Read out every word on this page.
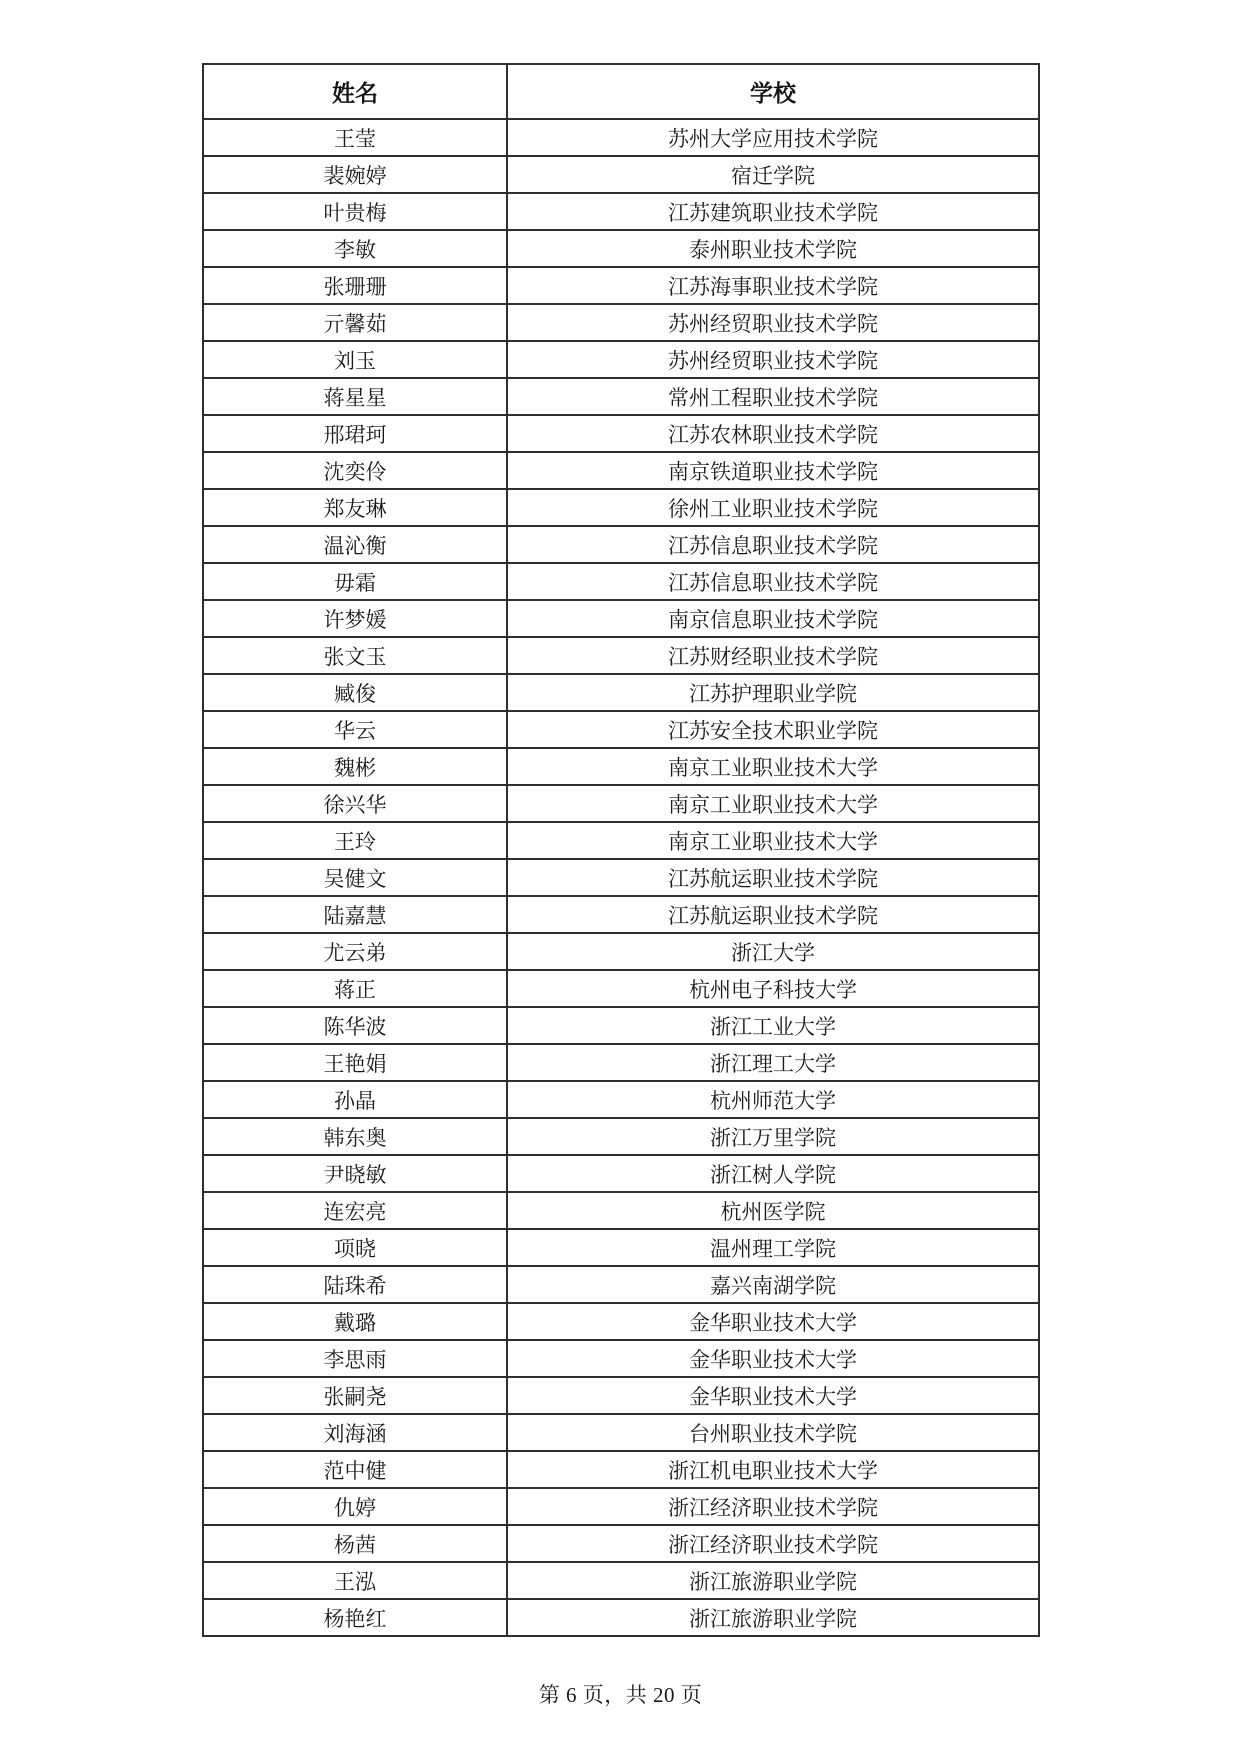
姓名	学校
王莹	苏州大学应用技术学院
裴婉婷	宿迁学院
叶贵梅	江苏建筑职业技术学院
李敏	泰州职业技术学院
张珊珊	江苏海事职业技术学院
亓馨茹	苏州经贸职业技术学院
刘玉	苏州经贸职业技术学院
蒋星星	常州工程职业技术学院
邢珺珂	江苏农林职业技术学院
沈奕伶	南京铁道职业技术学院
郑友琳	徐州工业职业技术学院
温沁衡	江苏信息职业技术学院
毋霜	江苏信息职业技术学院
许梦媛	南京信息职业技术学院
张文玉	江苏财经职业技术学院
臧俊	江苏护理职业学院
华云	江苏安全技术职业学院
魏彬	南京工业职业技术大学
徐兴华	南京工业职业技术大学
王玲	南京工业职业技术大学
吴健文	江苏航运职业技术学院
陆嘉慧	江苏航运职业技术学院
尤云弟	浙江大学
蒋正	杭州电子科技大学
陈华波	浙江工业大学
王艳娟	浙江理工大学
孙晶	杭州师范大学
韩东奥	浙江万里学院
尹晓敏	浙江树人学院
连宏亮	杭州医学院
项晓	温州理工学院
陆珠希	嘉兴南湖学院
戴璐	金华职业技术大学
李思雨	金华职业技术大学
张嗣尧	金华职业技术大学
刘海涵	台州职业技术学院
范中健	浙江机电职业技术大学
仇婷	浙江经济职业技术学院
杨茜	浙江经济职业技术学院
王泓	浙江旅游职业学院
杨艳红	浙江旅游职业学院
第 6 页，共 20 页
